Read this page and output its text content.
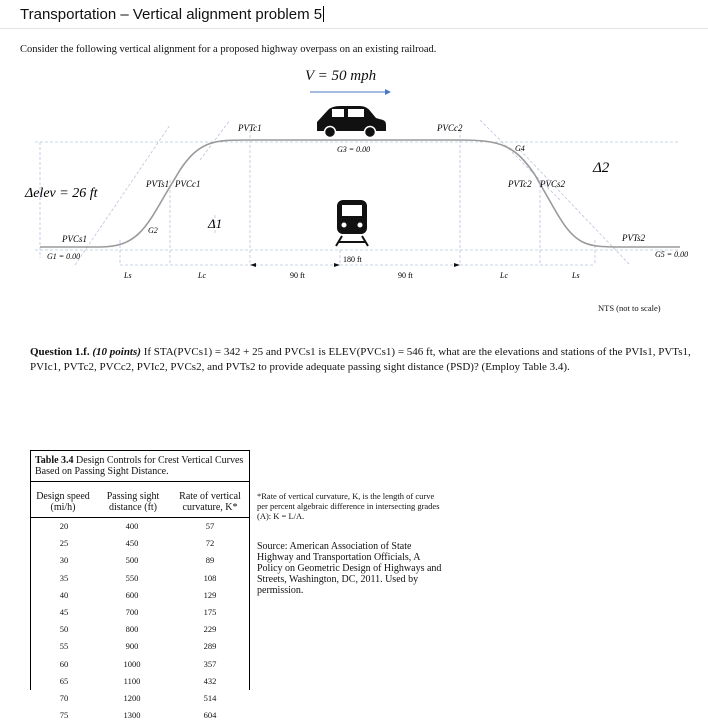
Transportation – Vertical alignment problem 5
Consider the following vertical alignment for a proposed highway overpass on an existing railroad.
V = 50 mph
Δelev = 26 ft
PVTc1	PVCc2
G3 = 0.00	G4
Δ2
PVTs1 PVCc1	PVTc2 PVCs2
Δ1
G2
PVCs1
G1 = 0.00
PVTs2
G5 = 0.00
180 ft
90 ft	90 ft
Ls	Lc	Lc	Ls
NTS (not to scale)
Question 1.f. (10 points) If STA(PVCs1) = 342 + 25 and PVCs1 is ELEV(PVCs1) = 546 ft, what are the elevations and stations of the PVIs1, PVTs1, PVIc1, PVTc2, PVCc2, PVIc2, PVCs2, and PVTs2 to provide adequate passing sight distance (PSD)? (Employ Table 3.4).
Table 3.4 Design Controls for Crest Vertical Curves Based on Passing Sight Distance.
Design speed (mi/h)
Passing sight distance (ft)
Rate of vertical curvature, K*
20	400	57
25	450	72
30	500	89
35	550	108
40	600	129
45	700	175
50	800	229
55	900	289
60	1000	357
65	1100	432
70	1200	514
75	1300	604
*Rate of vertical curvature, K, is the length of curve per percent algebraic difference in intersecting grades (A): K = L/A.
Source: American Association of State Highway and Transportation Officials, A Policy on Geometric Design of Highways and Streets, Washington, DC, 2011. Used by permission.
